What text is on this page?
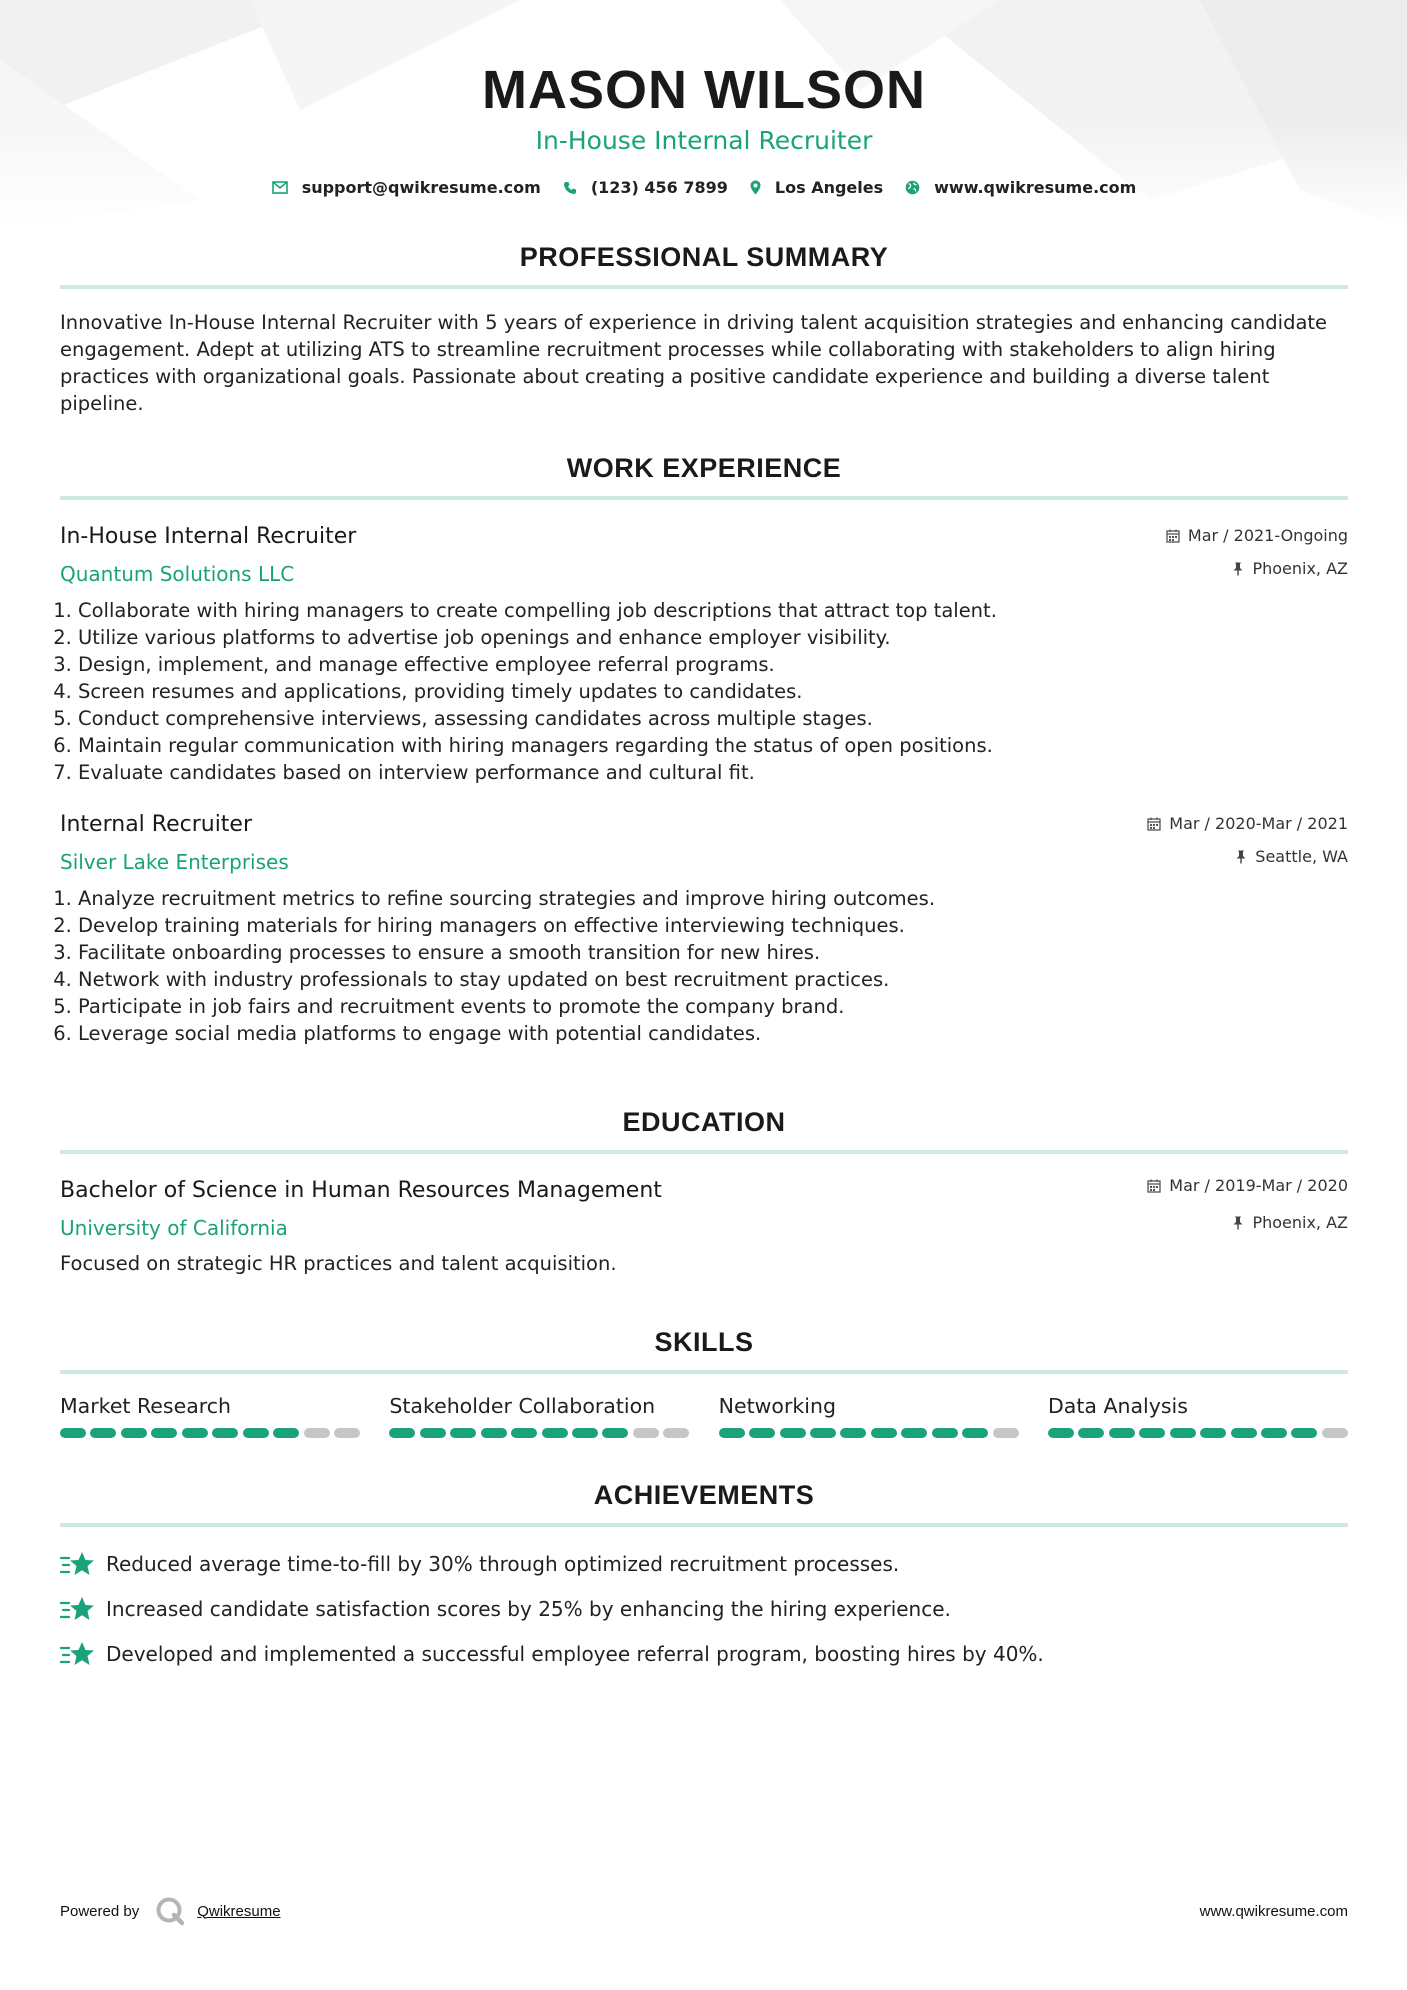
MASON WILSON
In-House Internal Recruiter
support@qwikresume.com	(123) 456 7899	Los Angeles	www.qwikresume.com
PROFESSIONAL SUMMARY
Innovative In-House Internal Recruiter with 5 years of experience in driving talent acquisition strategies and enhancing candidate engagement. Adept at utilizing ATS to streamline recruitment processes while collaborating with stakeholders to align hiring practices with organizational goals. Passionate about creating a positive candidate experience and building a diverse talent pipeline.
WORK EXPERIENCE
In-House Internal Recruiter
Quantum Solutions LLC
Mar / 2021-Ongoing
Phoenix, AZ
1. Collaborate with hiring managers to create compelling job descriptions that attract top talent.
2. Utilize various platforms to advertise job openings and enhance employer visibility.
3. Design, implement, and manage effective employee referral programs.
4. Screen resumes and applications, providing timely updates to candidates.
5. Conduct comprehensive interviews, assessing candidates across multiple stages.
6. Maintain regular communication with hiring managers regarding the status of open positions.
7. Evaluate candidates based on interview performance and cultural fit.
Internal Recruiter
Silver Lake Enterprises
Mar / 2020-Mar / 2021
Seattle, WA
1. Analyze recruitment metrics to refine sourcing strategies and improve hiring outcomes.
2. Develop training materials for hiring managers on effective interviewing techniques.
3. Facilitate onboarding processes to ensure a smooth transition for new hires.
4. Network with industry professionals to stay updated on best recruitment practices.
5. Participate in job fairs and recruitment events to promote the company brand.
6. Leverage social media platforms to engage with potential candidates.
EDUCATION
Bachelor of Science in Human Resources Management
University of California
Mar / 2019-Mar / 2020
Phoenix, AZ
Focused on strategic HR practices and talent acquisition.
SKILLS
Market Research	Stakeholder Collaboration	Networking	Data Analysis
ACHIEVEMENTS
Reduced average time-to-fill by 30% through optimized recruitment processes.
Increased candidate satisfaction scores by 25% by enhancing the hiring experience.
Developed and implemented a successful employee referral program, boosting hires by 40%.
Powered by	Qwikresume	www.qwikresume.com
